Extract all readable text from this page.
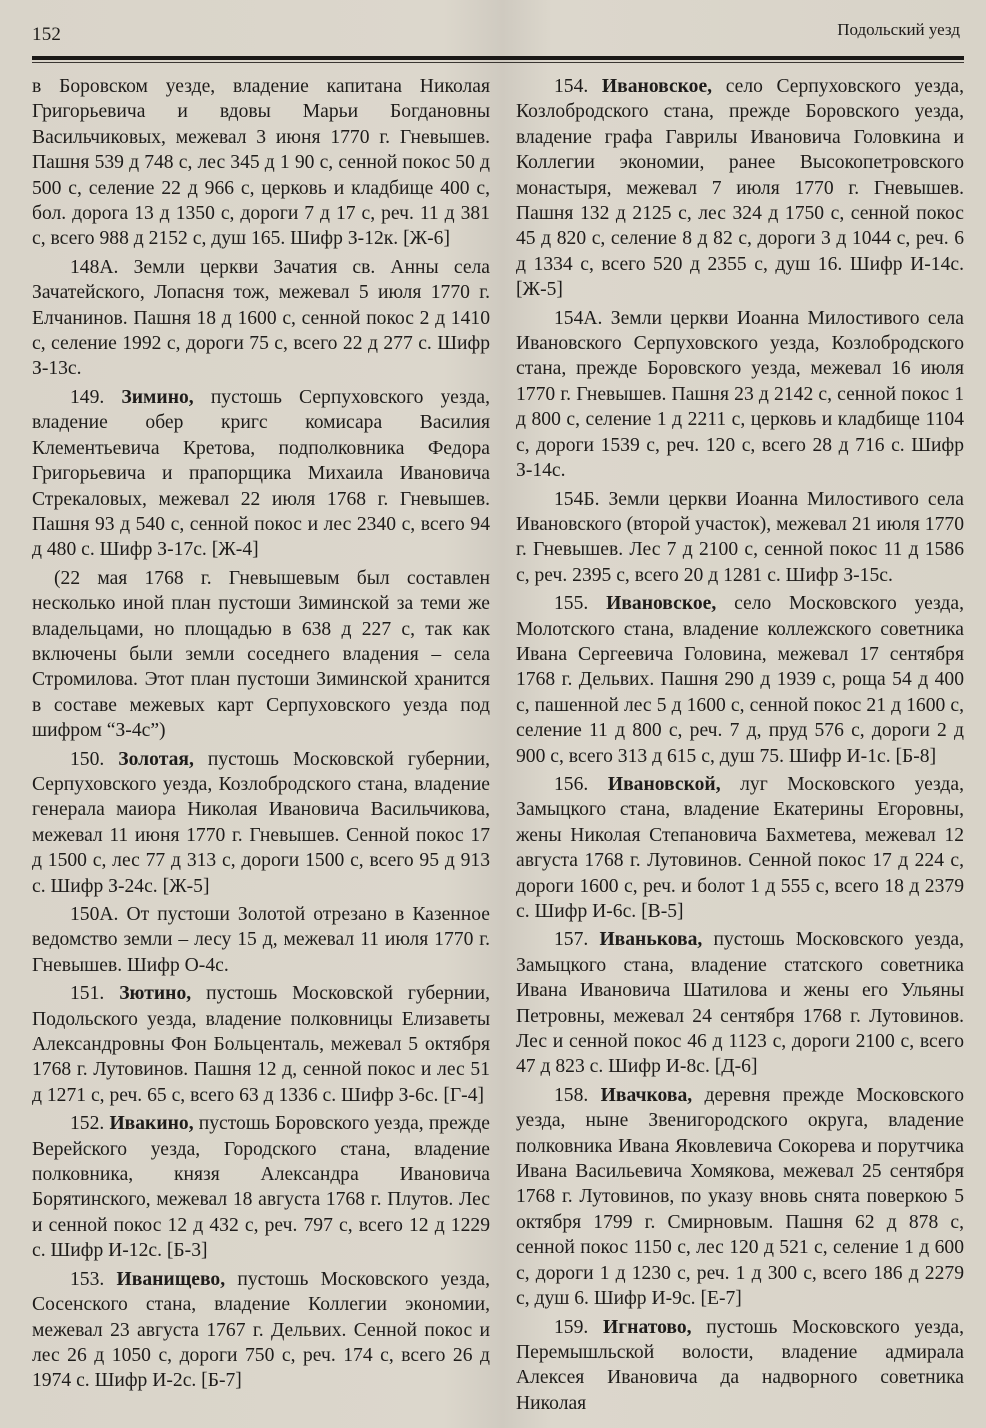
152	Подольский уезд

в Боровском уезде, владение капитана Николая Григорьевича и вдовы Марьи Богдановны Васильчиковых, межевал 3 июня 1770 г. Гневышев. Пашня 539 д 748 с, лес 345 д 1 90 с, сенной покос 50 д 500 с, селение 22 д 966 с, церковь и кладбище 400 с, бол. дорога 13 д 1350 с, дороги 7 д 17 с, реч. 11 д 381 с, всего 988 д 2152 с, душ 165. Шифр З-12к. [Ж-6]

148А. Земли церкви Зачатия св. Анны села Зачатейского, Лопасня тож, межевал 5 июля 1770 г. Елчанинов. Пашня 18 д 1600 с, сенной покос 2 д 1410 с, селение 1992 с, дороги 75 с, всего 22 д 277 с. Шифр З-13с.

149. Зимино, пустошь Серпуховского уезда, владение обер кригс комисара Василия Клементьевича Кретова, подполковника Федора Григорьевича и прапорщика Михаила Ивановича Стрекаловых, межевал 22 июля 1768 г. Гневышев. Пашня 93 д 540 с, сенной покос и лес 2340 с, всего 94 д 480 с. Шифр З-17с. [Ж-4]

(22 мая 1768 г. Гневышевым был составлен несколько иной план пустоши Зиминской за теми же владельцами, но площадью в 638 д 227 с, так как включены были земли соседнего владения – села Стромилова. Этот план пустоши Зиминской хранится в составе межевых карт Серпуховского уезда под шифром “З-4с”)

150. Золотая, пустошь Московской губернии, Серпуховского уезда, Козлобродского стана, владение генерала маиора Николая Ивановича Васильчикова, межевал 11 июня 1770 г. Гневышев. Сенной покос 17 д 1500 с, лес 77 д 313 с, дороги 1500 с, всего 95 д 913 с. Шифр З-24с. [Ж-5]

150А. От пустоши Золотой отрезано в Казенное ведомство земли – лесу 15 д, межевал 11 июля 1770 г. Гневышев. Шифр О-4с.

151. Зютино, пустошь Московской губернии, Подольского уезда, владение полковницы Елизаветы Александровны Фон Больценталь, межевал 5 октября 1768 г. Лутовинов. Пашня 12 д, сенной покос и лес 51 д 1271 с, реч. 65 с, всего 63 д 1336 с. Шифр З-6с. [Г-4]

152. Ивакино, пустошь Боровского уезда, прежде Верейского уезда, Городского стана, владение полковника, князя Александра Ивановича Борятинского, межевал 18 августа 1768 г. Плутов. Лес и сенной покос 12 д 432 с, реч. 797 с, всего 12 д 1229 с. Шифр И-12с. [Б-3]

153. Иванищево, пустошь Московского уезда, Сосенского стана, владение Коллегии экономии, межевал 23 августа 1767 г. Дельвих. Сенной покос и лес 26 д 1050 с, дороги 750 с, реч. 174 с, всего 26 д 1974 с. Шифр И-2с. [Б-7]

154. Ивановское, село Серпуховского уезда, Козлобродского стана, прежде Боровского уезда, владение графа Гаврилы Ивановича Головкина и Коллегии экономии, ранее Высокопетровского монастыря, межевал 7 июля 1770 г. Гневышев. Пашня 132 д 2125 с, лес 324 д 1750 с, сенной покос 45 д 820 с, селение 8 д 82 с, дороги 3 д 1044 с, реч. 6 д 1334 с, всего 520 д 2355 с, душ 16. Шифр И-14с. [Ж-5]

154А. Земли церкви Иоанна Милостивого села Ивановского Серпуховского уезда, Козлобродского стана, прежде Боровского уезда, межевал 16 июля 1770 г. Гневышев. Пашня 23 д 2142 с, сенной покос 1 д 800 с, селение 1 д 2211 с, церковь и кладбище 1104 с, дороги 1539 с, реч. 120 с, всего 28 д 716 с. Шифр З-14с.

154Б. Земли церкви Иоанна Милостивого села Ивановского (второй участок), межевал 21 июля 1770 г. Гневышев. Лес 7 д 2100 с, сенной покос 11 д 1586 с, реч. 2395 с, всего 20 д 1281 с. Шифр З-15с.

155. Ивановское, село Московского уезда, Молотского стана, владение коллежского советника Ивана Сергеевича Головина, межевал 17 сентября 1768 г. Дельвих. Пашня 290 д 1939 с, роща 54 д 400 с, пашенной лес 5 д 1600 с, сенной покос 21 д 1600 с, селение 11 д 800 с, реч. 7 д, пруд 576 с, дороги 2 д 900 с, всего 313 д 615 с, душ 75. Шифр И-1с. [Б-8]

156. Ивановской, луг Московского уезда, Замыцкого стана, владение Екатерины Егоровны, жены Николая Степановича Бахметева, межевал 12 августа 1768 г. Лутовинов. Сенной покос 17 д 224 с, дороги 1600 с, реч. и болот 1 д 555 с, всего 18 д 2379 с. Шифр И-6с. [В-5]

157. Иванькова, пустошь Московского уезда, Замыцкого стана, владение статского советника Ивана Ивановича Шатилова и жены его Ульяны Петровны, межевал 24 сентября 1768 г. Лутовинов. Лес и сенной покос 46 д 1123 с, дороги 2100 с, всего 47 д 823 с. Шифр И-8с. [Д-6]

158. Ивачкова, деревня прежде Московского уезда, ныне Звенигородского округа, владение полковника Ивана Яковлевича Сокорева и порутчика Ивана Васильевича Хомякова, межевал 25 сентября 1768 г. Лутовинов, по указу вновь снята поверкою 5 октября 1799 г. Смирновым. Пашня 62 д 878 с, сенной покос 1150 с, лес 120 д 521 с, селение 1 д 600 с, дороги 1 д 1230 с, реч. 1 д 300 с, всего 186 д 2279 с, душ 6. Шифр И-9с. [Е-7]

159. Игнатово, пустошь Московского уезда, Перемышльской волости, владение адмирала Алексея Ивановича да надворного советника Николая
